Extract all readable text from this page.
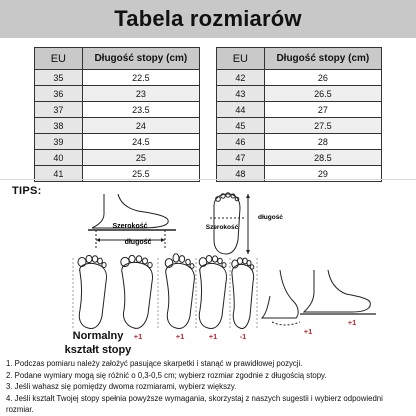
Tabela rozmiarów
EU	Długość stopy (cm)
35	22.5
36	23
37	23.5
38	24
39	24.5
40	25
41	25.5
EU	Długość stopy (cm)
42	26
43	26.5
44	27
45	27.5
46	28
47	28.5
48	29
TIPS:
Szerokość
długość
długość
Szerokość
+1	+1	+1	-1
+1
+1
Normalny
kształt stopy

1. Podczas pomiaru należy założyć pasujące skarpetki i stanąć w prawidłowej pozycji.

2. Podane wymiary mogą się różnić o 0,3-0,5 cm; wybierz rozmiar zgodnie z długością stopy.

3. Jeśli wahasz się pomiędzy dwoma rozmiarami, wybierz większy.

4. Jeśli kształt Twojej stopy spełnia powyższe wymagania, skorzystaj z naszych sugestii i wybierz odpowiedni rozmiar.
